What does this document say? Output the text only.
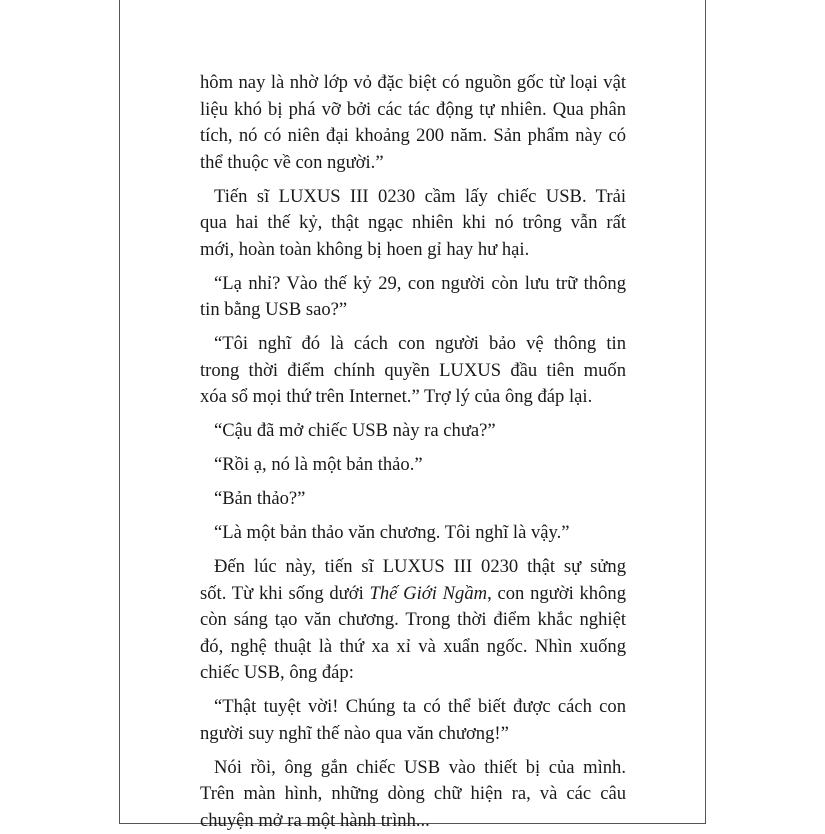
hôm nay là nhờ lớp vỏ đặc biệt có nguồn gốc từ loại vật
liệu khó bị phá vỡ bởi các tác động tự nhiên. Qua phân
tích, nó có niên đại khoảng 200 năm. Sản phẩm này có
thể thuộc về con người.”

Tiến sĩ LUXUS III 0230 cầm lấy chiếc USB. Trải
qua hai thế kỷ, thật ngạc nhiên khi nó trông vẫn rất
mới, hoàn toàn không bị hoen gỉ hay hư hại.

“Lạ nhỉ? Vào thế kỷ 29, con người còn lưu trữ thông
tin bằng USB sao?”

“Tôi nghĩ đó là cách con người bảo vệ thông tin
trong thời điểm chính quyền LUXUS đầu tiên muốn
xóa sổ mọi thứ trên Internet.” Trợ lý của ông đáp lại.

“Cậu đã mở chiếc USB này ra chưa?”

“Rồi ạ, nó là một bản thảo.”

“Bản thảo?”

“Là một bản thảo văn chương. Tôi nghĩ là vậy.”

Đến lúc này, tiến sĩ LUXUS III 0230 thật sự sửng
sốt. Từ khi sống dưới Thế Giới Ngầm, con người không
còn sáng tạo văn chương. Trong thời điểm khắc nghiệt
đó, nghệ thuật là thứ xa xỉ và xuẩn ngốc. Nhìn xuống
chiếc USB, ông đáp:

“Thật tuyệt vời! Chúng ta có thể biết được cách con
người suy nghĩ thế nào qua văn chương!”

Nói rồi, ông gắn chiếc USB vào thiết bị của mình.
Trên màn hình, những dòng chữ hiện ra, và các câu
chuyện mở ra một hành trình...
